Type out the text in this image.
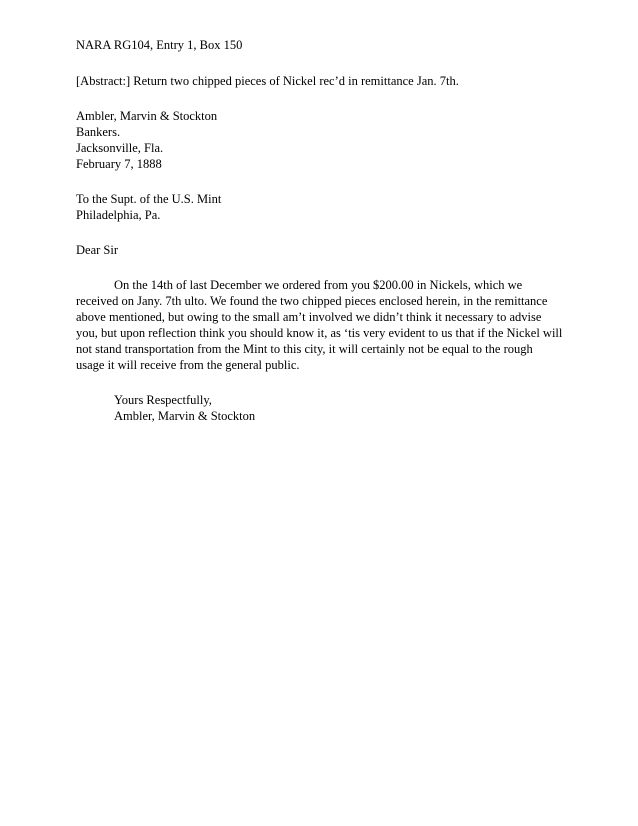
NARA RG104, Entry 1, Box 150
[Abstract:] Return two chipped pieces of Nickel rec’d in remittance Jan. 7th.
Ambler, Marvin & Stockton
Bankers.
Jacksonville, Fla.
February 7, 1888
To the Supt. of the U.S. Mint
Philadelphia, Pa.
Dear Sir
On the 14th of last December we ordered from you $200.00 in Nickels, which we
received on Jany. 7th ulto. We found the two chipped pieces enclosed herein, in the remittance
above mentioned, but owing to the small am’t involved we didn’t think it necessary to advise
you, but upon reflection think you should know it, as ‘tis very evident to us that if the Nickel will
not stand transportation from the Mint to this city, it will certainly not be equal to the rough
usage it will receive from the general public.
Yours Respectfully,
Ambler, Marvin & Stockton
